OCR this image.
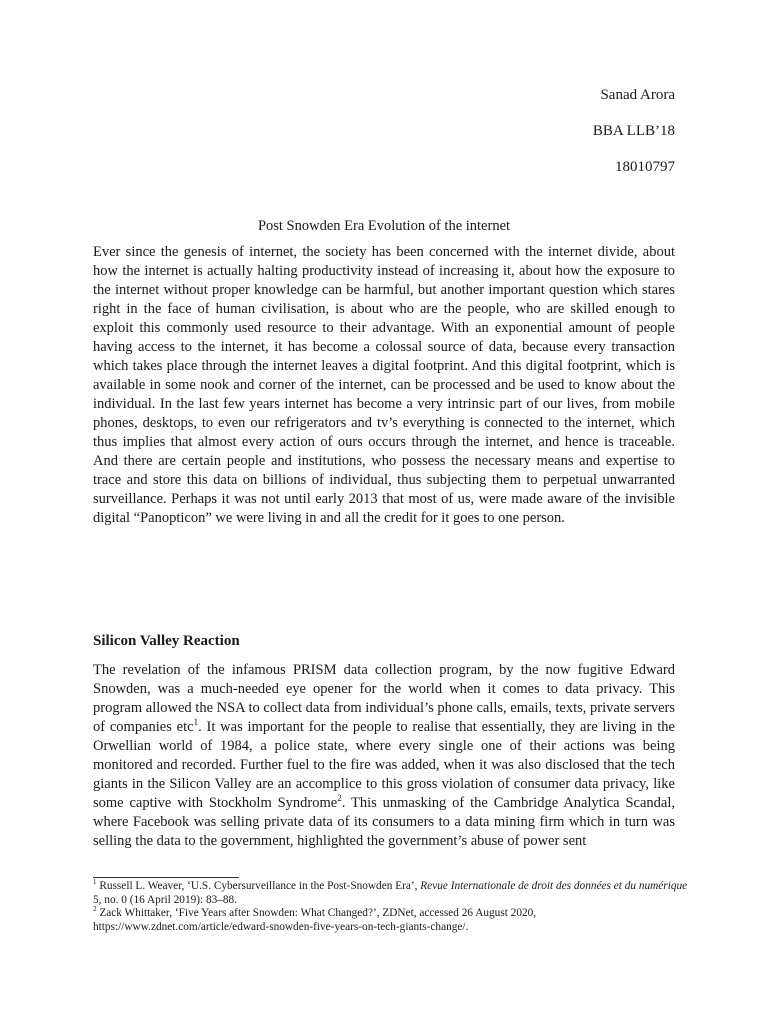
Sanad Arora
BBA LLB’18
18010797
Post Snowden Era Evolution of the internet

Ever since the genesis of internet, the society has been concerned with the internet divide, about how the internet is actually halting productivity instead of increasing it, about how the exposure to the internet without proper knowledge can be harmful, but another important question which stares right in the face of human civilisation, is about who are the people, who are skilled enough to exploit this commonly used resource to their advantage. With an exponential amount of people having access to the internet, it has become a colossal source of data, because every transaction which takes place through the internet leaves a digital footprint. And this digital footprint, which is available in some nook and corner of the internet, can be processed and be used to know about the individual. In the last few years internet has become a very intrinsic part of our lives, from mobile phones, desktops, to even our refrigerators and tv’s everything is connected to the internet, which thus implies that almost every action of ours occurs through the internet, and hence is traceable. And there are certain people and institutions, who possess the necessary means and expertise to trace and store this data on billions of individual, thus subjecting them to perpetual unwarranted surveillance. Perhaps it was not until early 2013 that most of us, were made aware of the invisible digital “Panopticon” we were living in and all the credit for it goes to one person.

Silicon Valley Reaction

The revelation of the infamous PRISM data collection program, by the now fugitive Edward Snowden, was a much-needed eye opener for the world when it comes to data privacy. This program allowed the NSA to collect data from individual’s phone calls, emails, texts, private servers of companies etc$^1$. It was important for the people to realise that essentially, they are living in the Orwellian world of 1984, a police state, where every single one of their actions was being monitored and recorded. Further fuel to the fire was added, when it was also disclosed that the tech giants in the Silicon Valley are an accomplice to this gross violation of consumer data privacy, like some captive with Stockholm Syndrome$^2$. This unmasking of the Cambridge Analytica Scandal, where Facebook was selling private data of its consumers to a data mining firm which in turn was selling the data to the government, highlighted the government’s abuse of power sent

$^1$ Russell L. Weaver, ‘U.S. Cybersurveillance in the Post-Snowden Era’, Revue Internationale de droit des données et du numérique 5, no. 0 (16 April 2019): 83–88.

$^2$ Zack Whittaker, ‘Five Years after Snowden: What Changed?’, ZDNet, accessed 26 August 2020, https://www.zdnet.com/article/edward-snowden-five-years-on-tech-giants-change/.
